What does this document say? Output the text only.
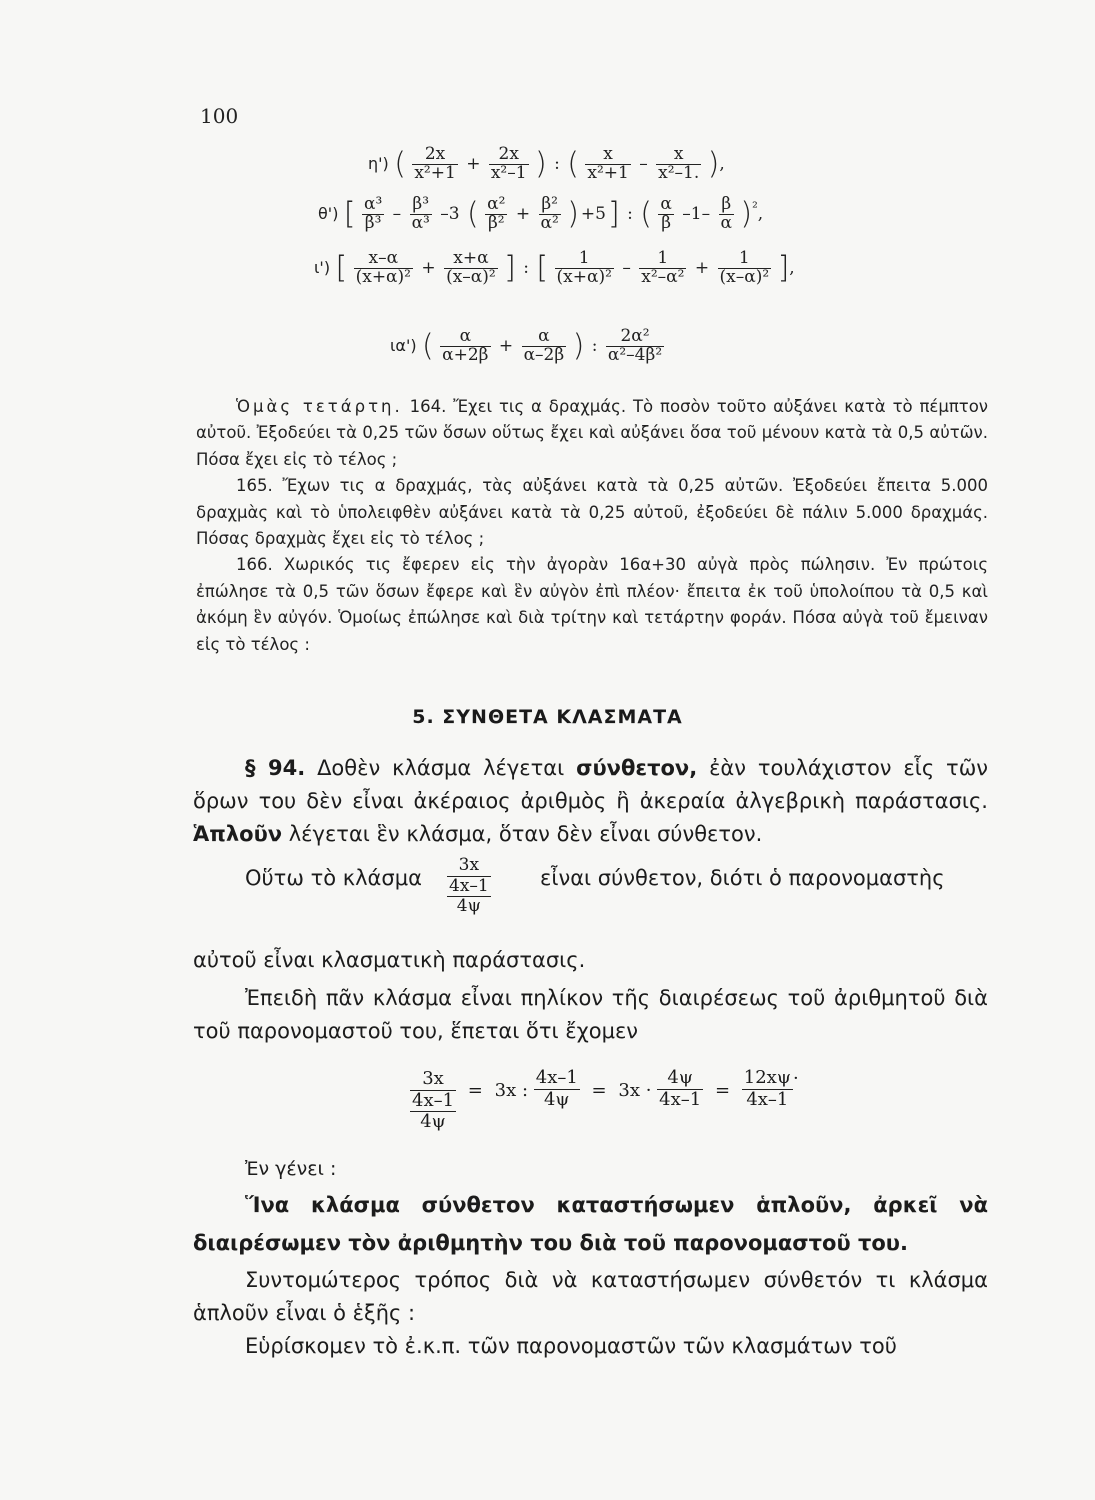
100
η') ( $\frac{2x}{\text{x²+1}} + \frac{2x}{\text{x²–1}}$ ) : ( $\frac{x}{\text{x²+1}} - \frac{x}{\text{x²–1.}}$ ),
θ') [ $\frac{\text{α³}}{\text{β³}} - \frac{\text{β³}}{\text{α³}} -3$ ( $\frac{\text{α²}}{\text{β²}} + \frac{\text{β²}}{\text{α²}}$ ) +5] : ( $\frac{\alpha}{\beta} -1- \frac{\beta}{\alpha} )^{^2}$,
ι') [ $\frac{x-\alpha}{\text{(x+α)²}} + \frac{x+\alpha}{\text{(x–α)²}}$ ] : [ $\frac{1}{\text{(x+α)²}} - \frac{1}{\text{x²–α²}} + \frac{1}{\text{(x–α)²}}$ ],
ια') ( $\frac{\alpha}{\alpha+2\beta} + \frac{\alpha}{\alpha-2\beta}$ ) : $\frac{\text{2α²}}{\text{α²–4β²}}$

Ὁμὰς τετάρτη. 164. Ἔχει τις α δραχμάς. Τὸ ποσὸν τοῦτο αὐξάνει κατὰ τὸ πέμπτον αὐτοῦ. Ἐξοδεύει τὰ 0,25 τῶν ὅσων οὕτως ἔχει καὶ αὐξάνει ὅσα τοῦ μένουν κατὰ τὰ 0,5 αὐτῶν. Πόσα ἔχει εἰς τὸ τέλος ;

165. Ἔχων τις α δραχμάς, τὰς αὐξάνει κατὰ τὰ 0,25 αὐτῶν. Ἐξοδεύει ἔπειτα 5.000 δραχμὰς καὶ τὸ ὑπολειφθὲν αὐξάνει κατὰ τὰ 0,25 αὐτοῦ, ἐξοδεύει δὲ πάλιν 5.000 δραχμάς. Πόσας δραχμὰς ἔχει εἰς τὸ τέλος ;

166. Χωρικός τις ἔφερεν εἰς τὴν ἀγορὰν 16α+30 αὐγὰ πρὸς πώλησιν. Ἐν πρώτοις ἐπώλησε τὰ 0,5 τῶν ὅσων ἔφερε καὶ ἓν αὐγὸν ἐπὶ πλέον· ἔπειτα ἐκ τοῦ ὑπολοίπου τὰ 0,5 καὶ ἀκόμη ἓν αὐγόν. Ὁμοίως ἐπώλησε καὶ διὰ τρίτην καὶ τετάρτην φοράν. Πόσα αὐγὰ τοῦ ἔμειναν εἰς τὸ τέλος :

5. ΣΥΝΘΕΤΑ ΚΛΑΣΜΑΤΑ

§ 94. Δοθὲν κλάσμα λέγεται σύνθετον, ἐὰν τουλάχιστον εἷς τῶν ὅρων του δὲν εἶναι ἀκέραιος ἀριθμὸς ἢ ἀκεραία ἀλγεβρικὴ παράστασις. Ἁπλοῦν λέγεται ἓν κλάσμα, ὅταν δὲν εἶναι σύνθετον.

Οὕτω τὸ κλάσμα
3x
4x–1
4ψ
εἶναι σύνθετον, διότι ὁ παρονομαστὴς

αὐτοῦ εἶναι κλασματικὴ παράστασις.

Ἐπειδὴ πᾶν κλάσμα εἶναι πηλίκον τῆς διαιρέσεως τοῦ ἀριθμητοῦ διὰ τοῦ παρονομαστοῦ του, ἕπεται ὅτι ἔχομεν

3x
4x–1
4ψ
= 3x : $\frac{4x-1}{4\psi} = 3x \cdot \frac{4\psi}{4x-1} = \frac{12x\psi}{4x-1}$ ·

Ἐν γένει :

Ἵνα κλάσμα σύνθετον καταστήσωμεν ἁπλοῦν, ἀρκεῖ νὰ διαιρέσωμεν τὸν ἀριθμητὴν του διὰ τοῦ παρονομαστοῦ του.

Συντομώτερος τρόπος διὰ νὰ καταστήσωμεν σύνθετόν τι κλάσμα ἁπλοῦν εἶναι ὁ ἑξῆς :

Εὑρίσκομεν τὸ ἐ.κ.π. τῶν παρονομαστῶν τῶν κλασμάτων τοῦ
